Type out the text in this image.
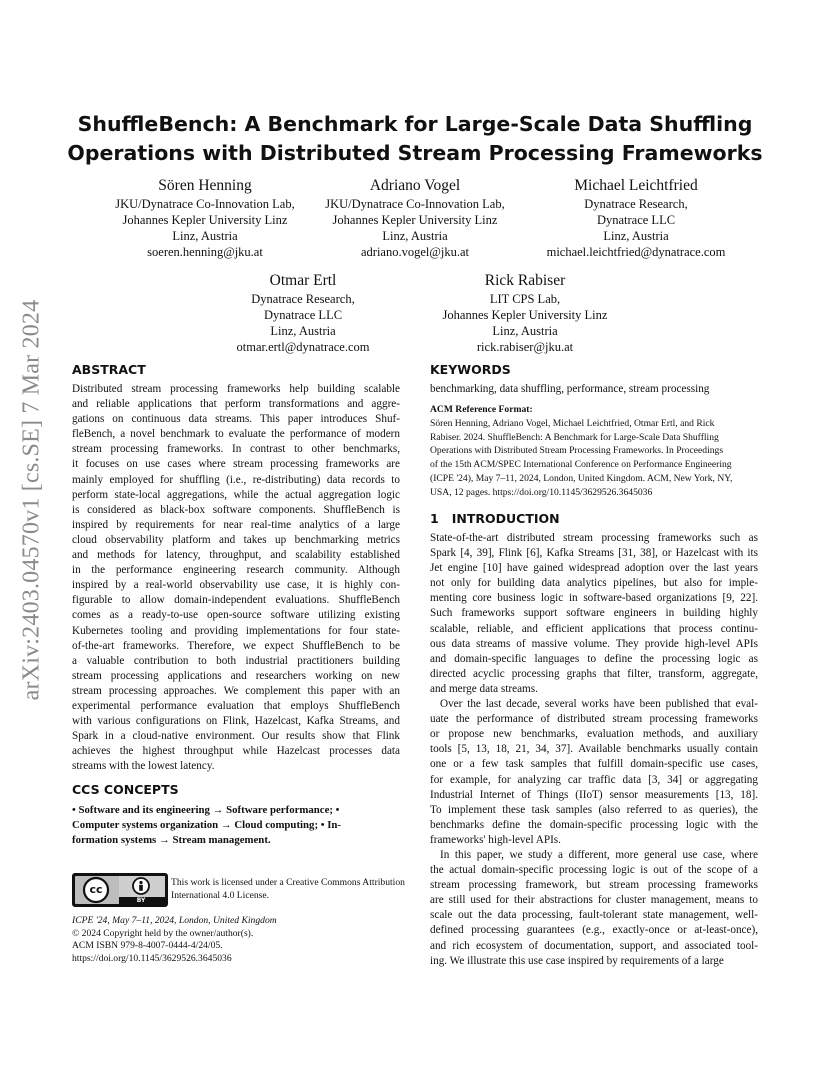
arXiv:2403.04570v1 [cs.SE] 7 Mar 2024
ShuffleBench: A Benchmark for Large-Scale Data Shuffling
Operations with Distributed Stream Processing Frameworks
Sören Henning
JKU/Dynatrace Co-Innovation Lab,
Johannes Kepler University Linz
Linz, Austria
soeren.henning@jku.at
Adriano Vogel
JKU/Dynatrace Co-Innovation Lab,
Johannes Kepler University Linz
Linz, Austria
adriano.vogel@jku.at
Michael Leichtfried
Dynatrace Research,
Dynatrace LLC
Linz, Austria
michael.leichtfried@dynatrace.com
Otmar Ertl
Dynatrace Research,
Dynatrace LLC
Linz, Austria
otmar.ertl@dynatrace.com
Rick Rabiser
LIT CPS Lab,
Johannes Kepler University Linz
Linz, Austria
rick.rabiser@jku.at
ABSTRACT
Distributed stream processing frameworks help building scalable
and reliable applications that perform transformations and aggre-
gations on continuous data streams. This paper introduces Shuf-
fleBench, a novel benchmark to evaluate the performance of modern
stream processing frameworks. In contrast to other benchmarks,
it focuses on use cases where stream processing frameworks are
mainly employed for shuffling (i.e., re-distributing) data records to
perform state-local aggregations, while the actual aggregation logic
is considered as black-box software components. ShuffleBench is
inspired by requirements for near real-time analytics of a large
cloud observability platform and takes up benchmarking metrics
and methods for latency, throughput, and scalability established
in the performance engineering research community. Although
inspired by a real-world observability use case, it is highly con-
figurable to allow domain-independent evaluations. ShuffleBench
comes as a ready-to-use open-source software utilizing existing
Kubernetes tooling and providing implementations for four state-
of-the-art frameworks. Therefore, we expect ShuffleBench to be
a valuable contribution to both industrial practitioners building
stream processing applications and researchers working on new
stream processing approaches. We complement this paper with an
experimental performance evaluation that employs ShuffleBench
with various configurations on Flink, Hazelcast, Kafka Streams, and
Spark in a cloud-native environment. Our results show that Flink
achieves the highest throughput while Hazelcast processes data
streams with the lowest latency.
CCS CONCEPTS
• Software and its engineering → Software performance; •
Computer systems organization → Cloud computing; • In-
formation systems → Stream management.
cc
BY
This work is licensed under a Creative Commons Attribution
International 4.0 License.
ICPE '24, May 7–11, 2024, London, United Kingdom
© 2024 Copyright held by the owner/author(s).
ACM ISBN 979-8-4007-0444-4/24/05.
https://doi.org/10.1145/3629526.3645036
KEYWORDS
benchmarking, data shuffling, performance, stream processing
ACM Reference Format:
Sören Henning, Adriano Vogel, Michael Leichtfried, Otmar Ertl, and Rick
Rabiser. 2024. ShuffleBench: A Benchmark for Large-Scale Data Shuffling
Operations with Distributed Stream Processing Frameworks. In Proceedings
of the 15th ACM/SPEC International Conference on Performance Engineering
(ICPE '24), May 7–11, 2024, London, United Kingdom. ACM, New York, NY,
USA, 12 pages. https://doi.org/10.1145/3629526.3645036
1 INTRODUCTION
State-of-the-art distributed stream processing frameworks such as
Spark [4, 39], Flink [6], Kafka Streams [31, 38], or Hazelcast with its
Jet engine [10] have gained widespread adoption over the last years
not only for building data analytics pipelines, but also for imple-
menting core business logic in software-based organizations [9, 22].
Such frameworks support software engineers in building highly
scalable, reliable, and efficient applications that process continu-
ous data streams of massive volume. They provide high-level APIs
and domain-specific languages to define the processing logic as
directed acyclic processing graphs that filter, transform, aggregate,
and merge data streams.
Over the last decade, several works have been published that eval-
uate the performance of distributed stream processing frameworks
or propose new benchmarks, evaluation methods, and auxiliary
tools [5, 13, 18, 21, 34, 37]. Available benchmarks usually contain
one or a few task samples that fulfill domain-specific use cases,
for example, for analyzing car traffic data [3, 34] or aggregating
Industrial Internet of Things (IIoT) sensor measurements [13, 18].
To implement these task samples (also referred to as queries), the
benchmarks define the domain-specific processing logic with the
frameworks' high-level APIs.
In this paper, we study a different, more general use case, where
the actual domain-specific processing logic is out of the scope of a
stream processing framework, but stream processing frameworks
are still used for their abstractions for cluster management, means to
scale out the data processing, fault-tolerant state management, well-
defined processing guarantees (e.g., exactly-once or at-least-once),
and rich ecosystem of documentation, support, and associated tool-
ing. We illustrate this use case inspired by requirements of a large
